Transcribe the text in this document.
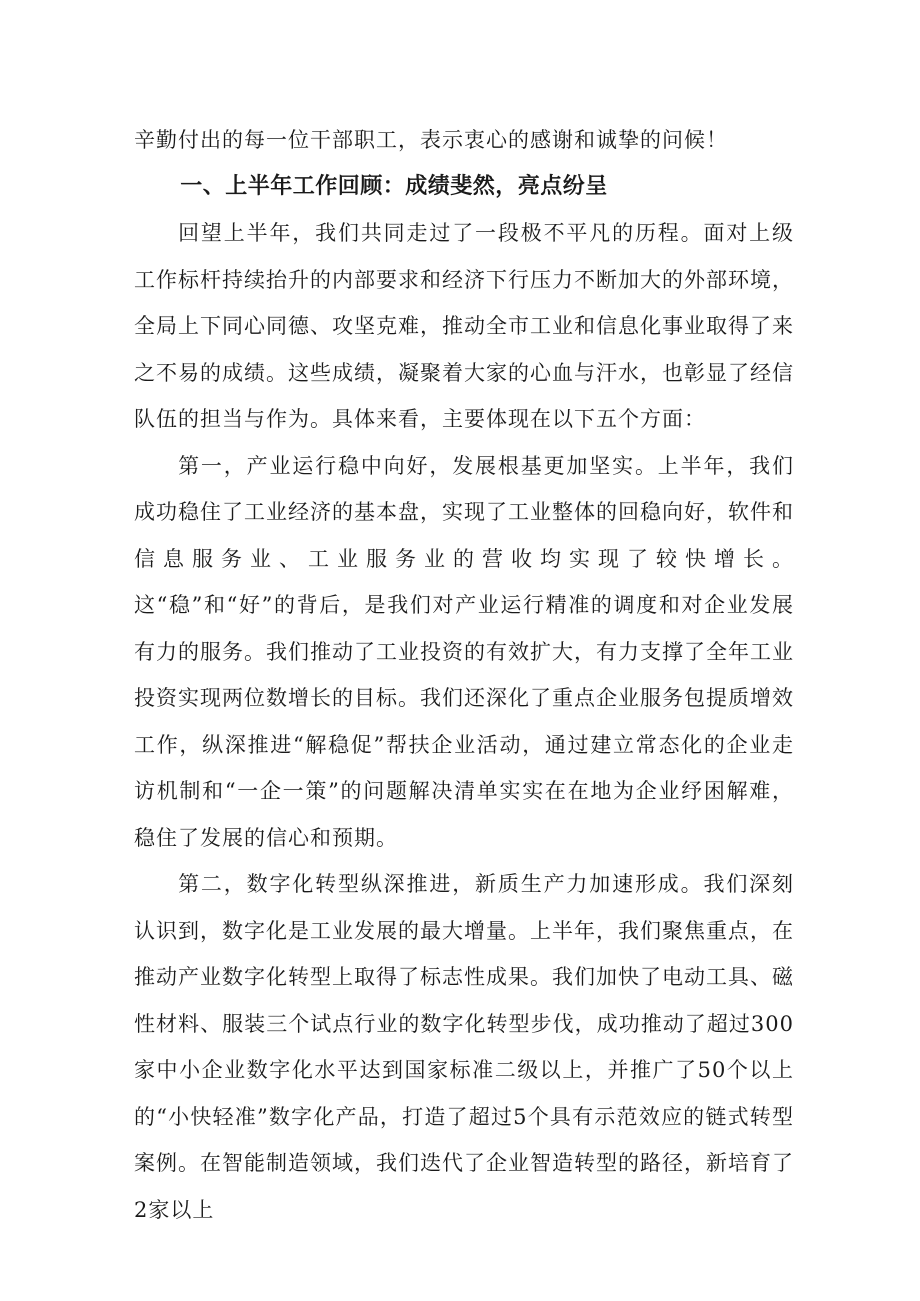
辛勤付出的每一位干部职工，表示衷心的感谢和诚挚的问候！

一、上半年工作回顾：成绩斐然，亮点纷呈

回望上半年，我们共同走过了一段极不平凡的历程。面对上级工作标杆持续抬升的内部要求和经济下行压力不断加大的外部环境，全局上下同心同德、攻坚克难，推动全市工业和信息化事业取得了来之不易的成绩。这些成绩，凝聚着大家的心血与汗水，也彰显了经信队伍的担当与作为。具体来看，主要体现在以下五个方面：

第一，产业运行稳中向好，发展根基更加坚实。上半年，我们成功稳住了工业经济的基本盘，实现了工业整体的回稳向好，软件和信息服务业、工业服务业的营收均实现了较快增长。这“稳”和“好”的背后，是我们对产业运行精准的调度和对企业发展有力的服务。我们推动了工业投资的有效扩大，有力支撑了全年工业投资实现两位数增长的目标。我们还深化了重点企业服务包提质增效工作，纵深推进“解稳促”帮扶企业活动，通过建立常态化的企业走访机制和“一企一策”的问题解决清单实实在在地为企业纾困解难，稳住了发展的信心和预期。

第二，数字化转型纵深推进，新质生产力加速形成。我们深刻认识到，数字化是工业发展的最大增量。上半年，我们聚焦重点，在推动产业数字化转型上取得了标志性成果。我们加快了电动工具、磁性材料、服装三个试点行业的数字化转型步伐，成功推动了超过300家中小企业数字化水平达到国家标准二级以上，并推广了50个以上的“小快轻准”数字化产品，打造了超过5个具有示范效应的链式转型案例。在智能制造领域，我们迭代了企业智造转型的路径，新培育了2家以上
